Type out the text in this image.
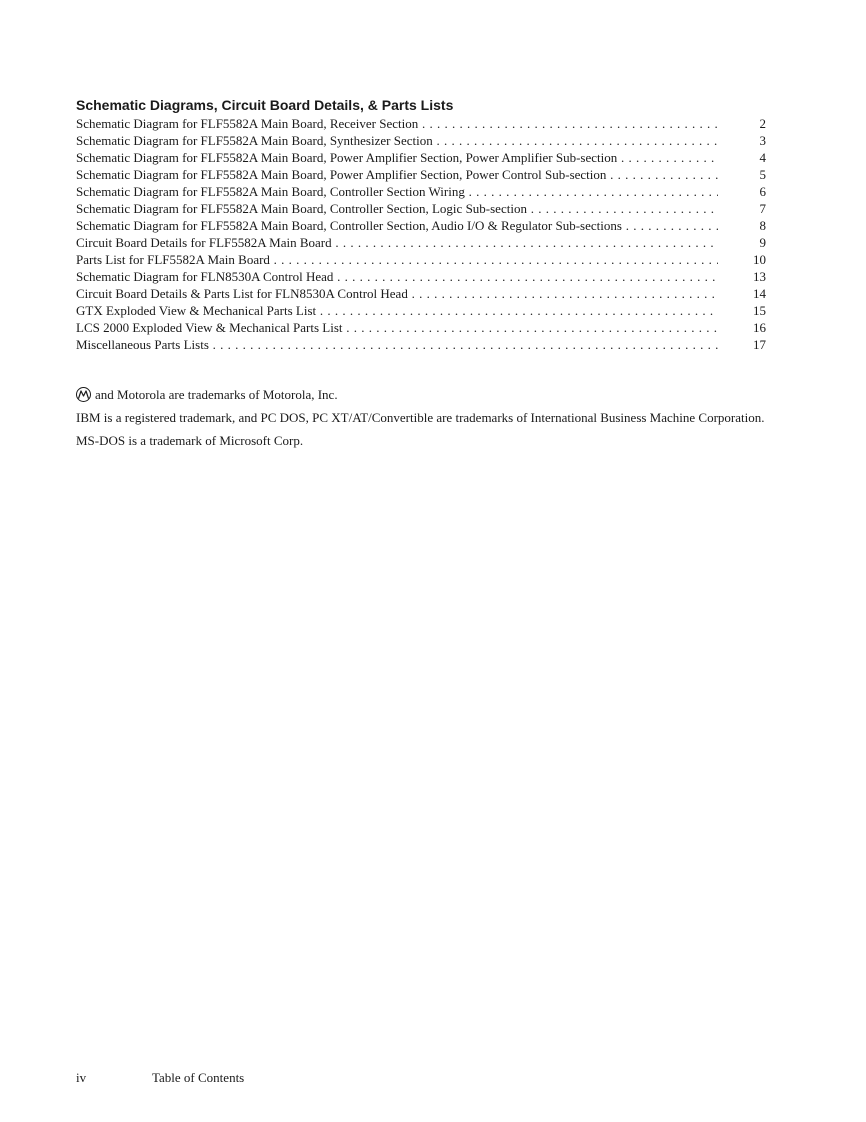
Schematic Diagrams, Circuit Board Details, & Parts Lists
Schematic Diagram for FLF5582A Main Board, Receiver Section . . .	2
Schematic Diagram for FLF5582A Main Board, Synthesizer Section . . .	3
Schematic Diagram for FLF5582A Main Board, Power Amplifier Section, Power Amplifier Sub-section . . .	4
Schematic Diagram for FLF5582A Main Board, Power Amplifier Section, Power Control Sub-section . . .	5
Schematic Diagram for FLF5582A Main Board, Controller Section Wiring . . .	6
Schematic Diagram for FLF5582A Main Board, Controller Section, Logic Sub-section . . .	7
Schematic Diagram for FLF5582A Main Board, Controller Section, Audio I/O & Regulator Sub-sections . . .	8
Circuit Board Details for FLF5582A Main Board . . .	9
Parts List for FLF5582A Main Board . . .	10
Schematic Diagram for FLN8530A Control Head . . .	13
Circuit Board Details & Parts List for FLN8530A Control Head . . .	14
GTX Exploded View & Mechanical Parts List . . .	15
LCS 2000 Exploded View & Mechanical Parts List . . .	16
Miscellaneous Parts Lists . . .	17

and Motorola are trademarks of Motorola, Inc.

IBM is a registered trademark, and PC DOS, PC XT/AT/Convertible are trademarks of International Business Machine Corporation.

MS-DOS is a trademark of Microsoft Corp.

iv	Table of Contents
